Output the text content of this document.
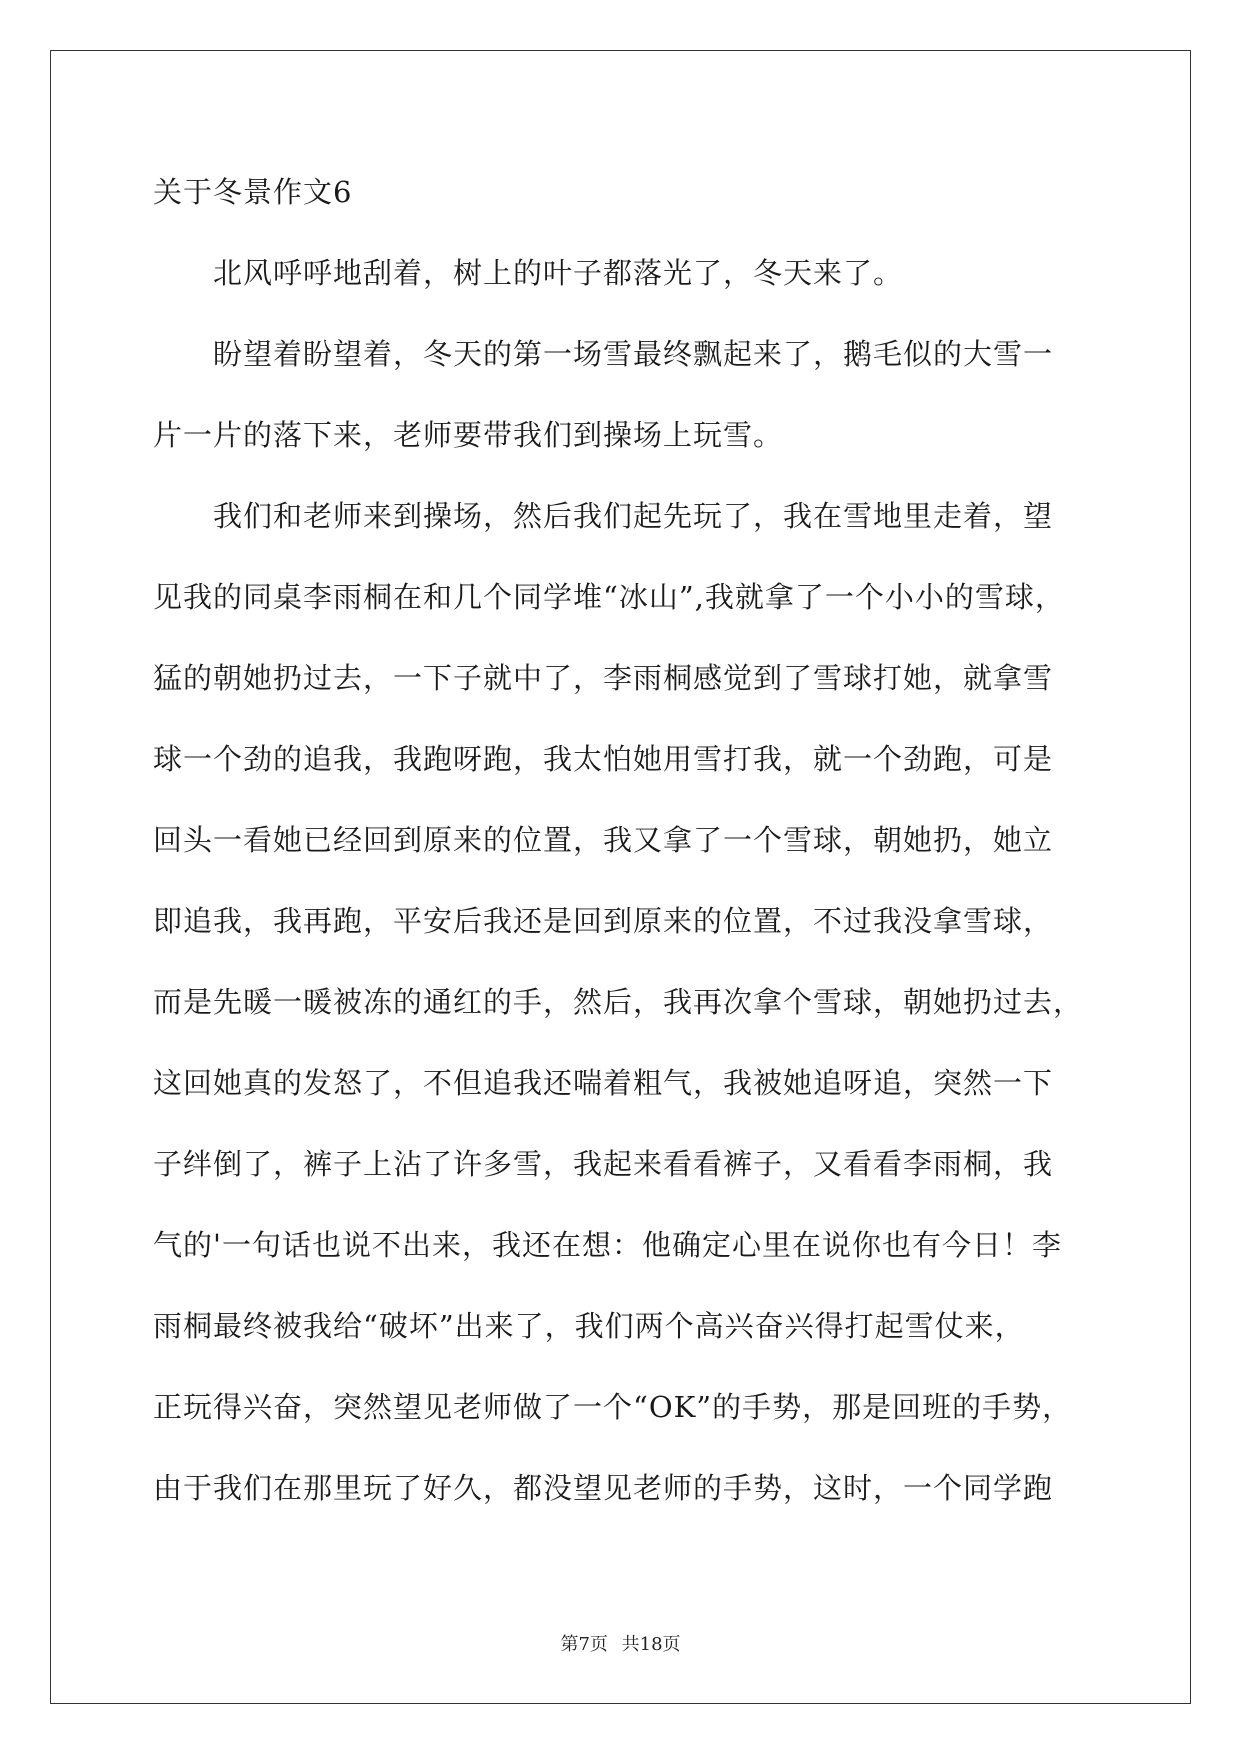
关于冬景作文6
北风呼呼地刮着，树上的叶子都落光了，冬天来了。
盼望着盼望着，冬天的第一场雪最终飘起来了，鹅毛似的大雪一
片一片的落下来，老师要带我们到操场上玩雪。
我们和老师来到操场，然后我们起先玩了，我在雪地里走着，望
见我的同桌李雨桐在和几个同学堆“冰山”,我就拿了一个小小的雪球，
猛的朝她扔过去，一下子就中了，李雨桐感觉到了雪球打她，就拿雪
球一个劲的追我，我跑呀跑，我太怕她用雪打我，就一个劲跑，可是
回头一看她已经回到原来的位置，我又拿了一个雪球，朝她扔，她立
即追我，我再跑，平安后我还是回到原来的位置，不过我没拿雪球，
而是先暖一暖被冻的通红的手，然后，我再次拿个雪球，朝她扔过去，
这回她真的发怒了，不但追我还喘着粗气，我被她追呀追，突然一下
子绊倒了，裤子上沾了许多雪，我起来看看裤子，又看看李雨桐，我
气的'一句话也说不出来，我还在想：他确定心里在说你也有今日！李
雨桐最终被我给“破坏”出来了，我们两个高兴奋兴得打起雪仗来，
正玩得兴奋，突然望见老师做了一个“OK”的手势，那是回班的手势，
由于我们在那里玩了好久，都没望见老师的手势，这时，一个同学跑
第7页 共18页
